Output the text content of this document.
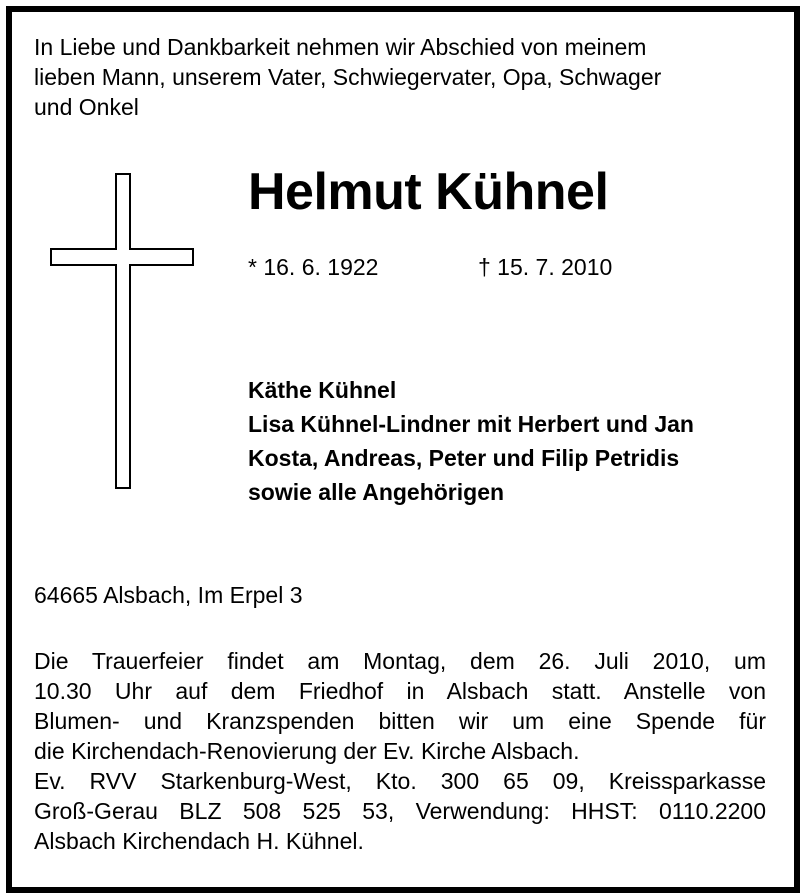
In Liebe und Dankbarkeit nehmen wir Abschied von meinem
lieben Mann, unserem Vater, Schwiegervater, Opa, Schwager
und Onkel
Helmut Kühnel
* 16. 6. 1922	† 15. 7. 2010
Käthe Kühnel
Lisa Kühnel-Lindner mit Herbert und Jan
Kosta, Andreas, Peter und Filip Petridis
sowie alle Angehörigen
64665 Alsbach, Im Erpel 3
Die Trauerfeier findet am Montag, dem 26. Juli 2010, um
10.30 Uhr auf dem Friedhof in Alsbach statt. Anstelle von
Blumen- und Kranzspenden bitten wir um eine Spende für
die Kirchendach-Renovierung der Ev. Kirche Alsbach.
Ev. RVV Starkenburg-West, Kto. 300 65 09, Kreissparkasse
Groß-Gerau BLZ 508 525 53, Verwendung: HHST: 0110.2200
Alsbach Kirchendach H. Kühnel.
